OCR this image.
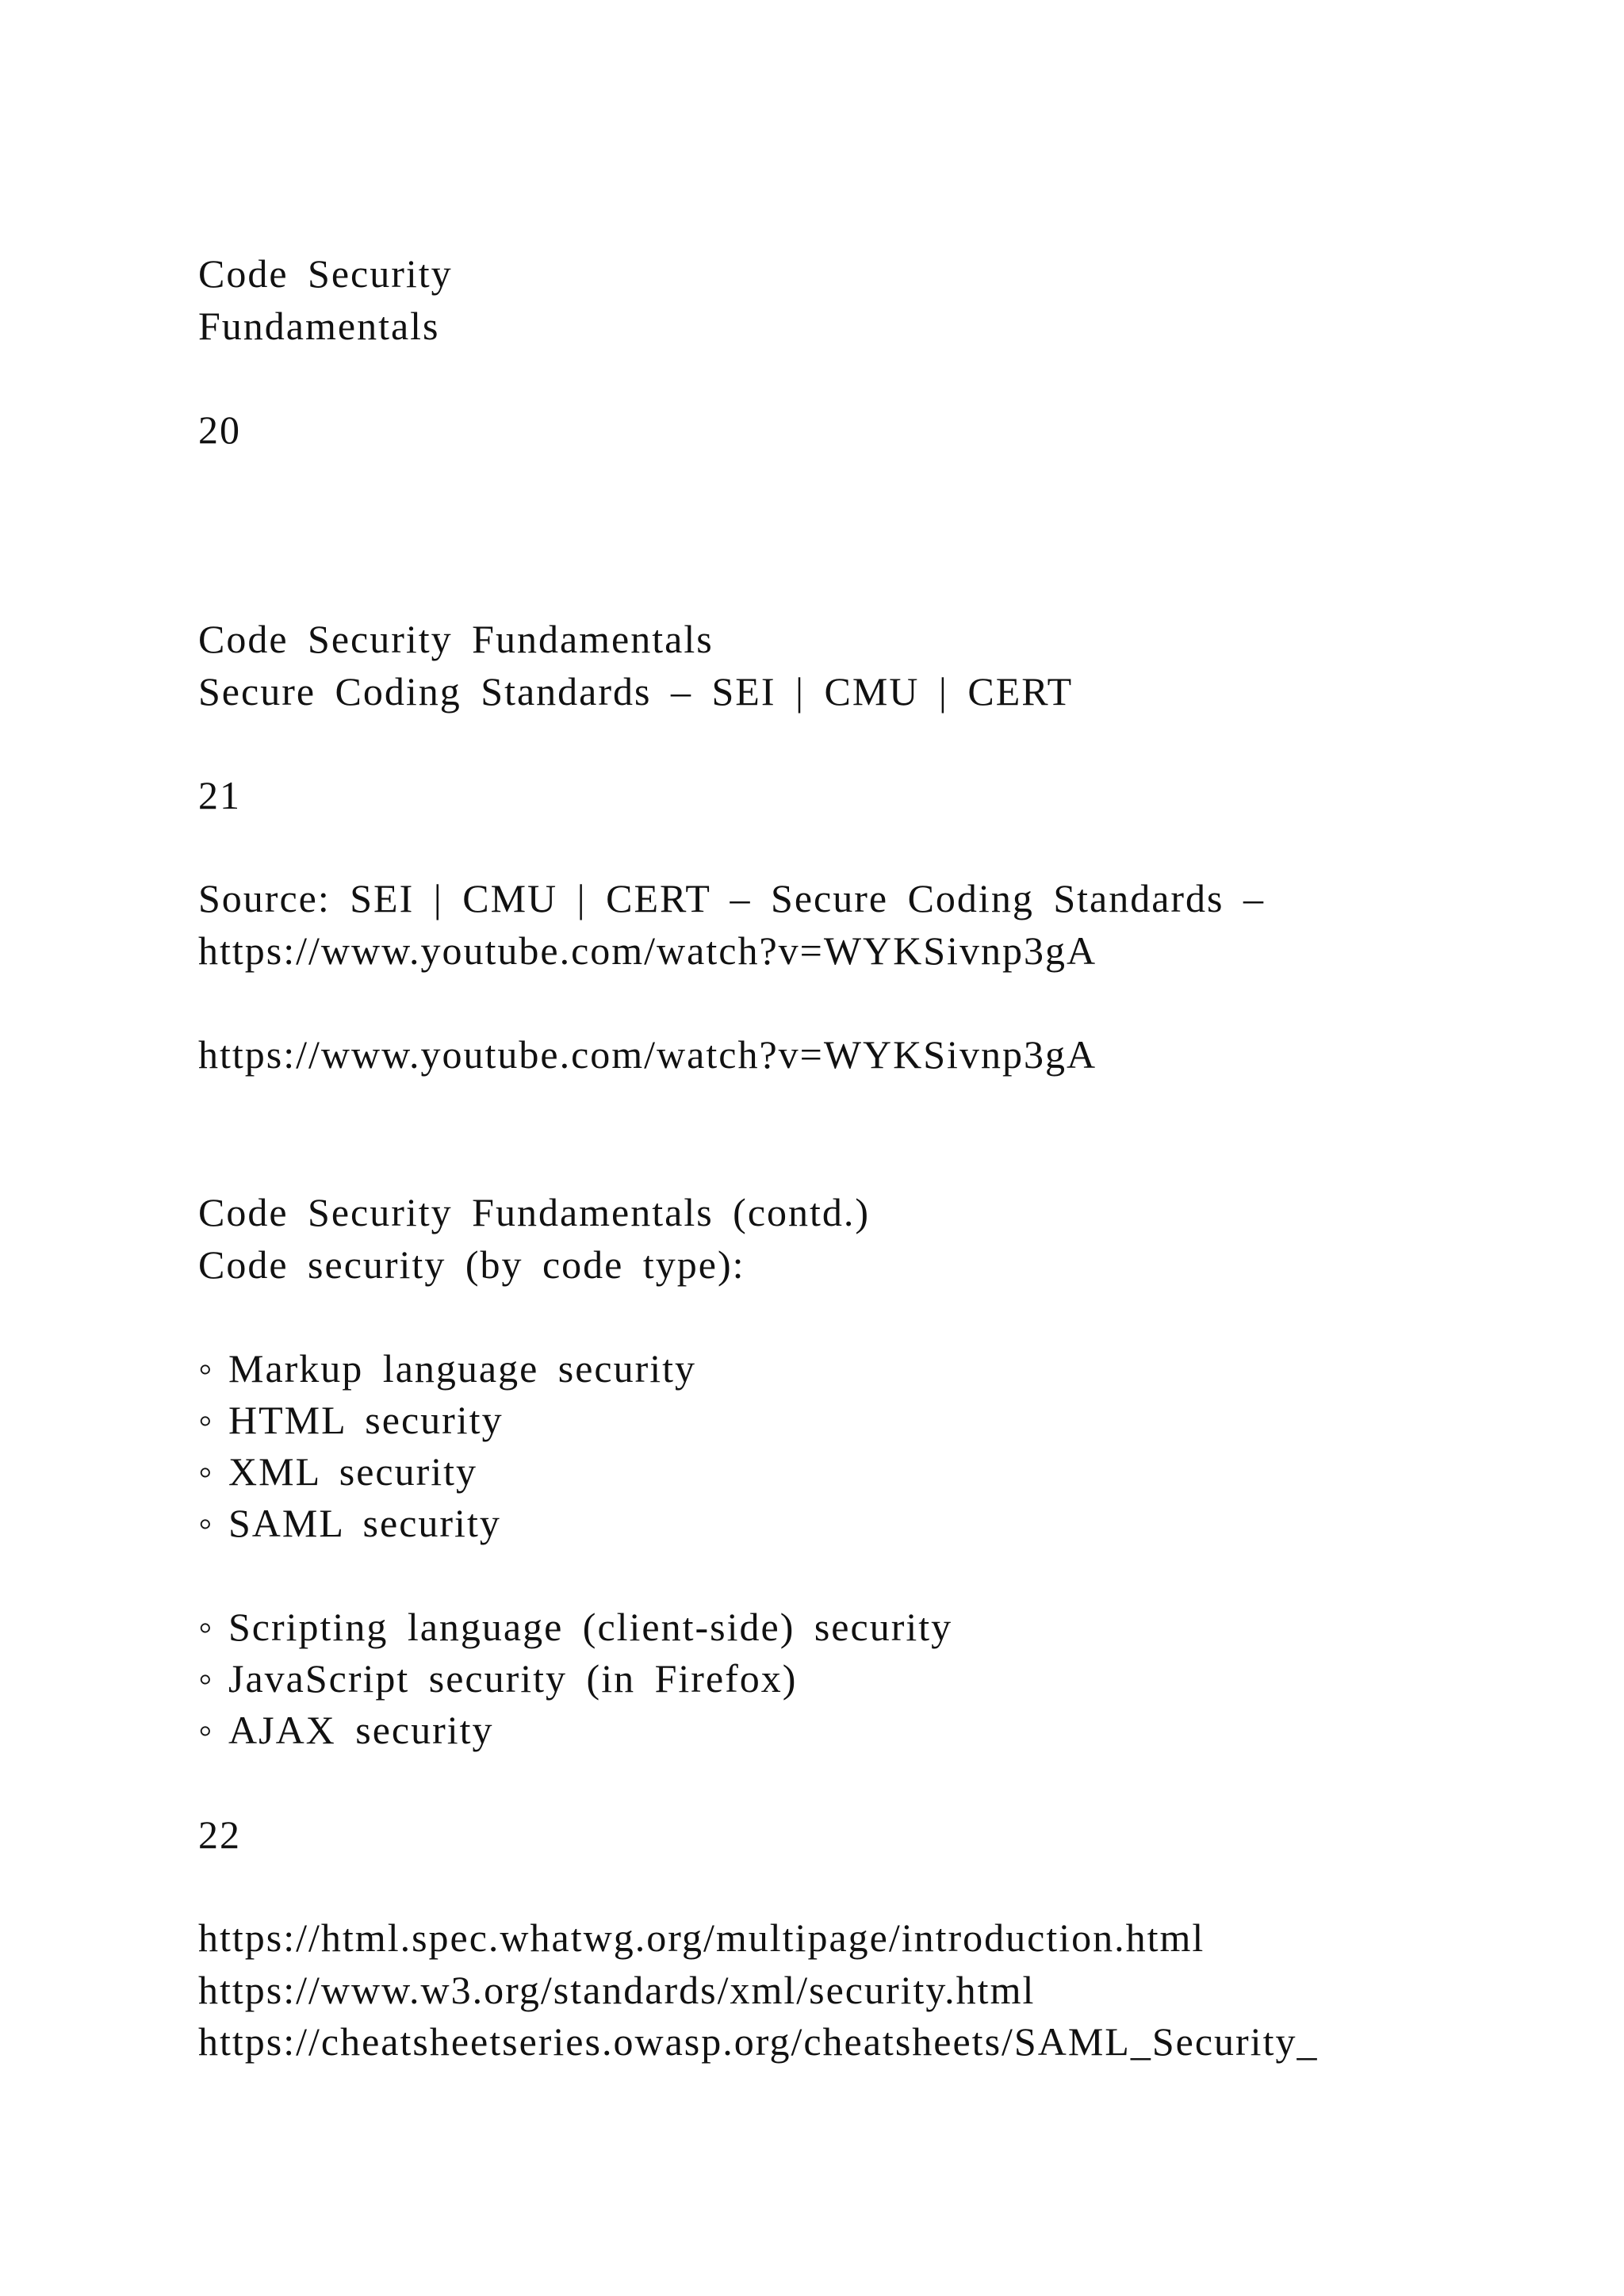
Code Security
Fundamentals
20
Code Security Fundamentals
Secure Coding Standards – SEI | CMU | CERT
21
Source: SEI | CMU | CERT – Secure Coding Standards –
https://www.youtube.com/watch?v=WYKSivnp3gA
https://www.youtube.com/watch?v=WYKSivnp3gA
Code Security Fundamentals (contd.)
Code security (by code type):
◦ Markup language security
◦ HTML security
◦ XML security
◦ SAML security
◦ Scripting language (client-side) security
◦ JavaScript security (in Firefox)
◦ AJAX security
22
https://html.spec.whatwg.org/multipage/introduction.html
https://www.w3.org/standards/xml/security.html
https://cheatsheetseries.owasp.org/cheatsheets/SAML_Security_
